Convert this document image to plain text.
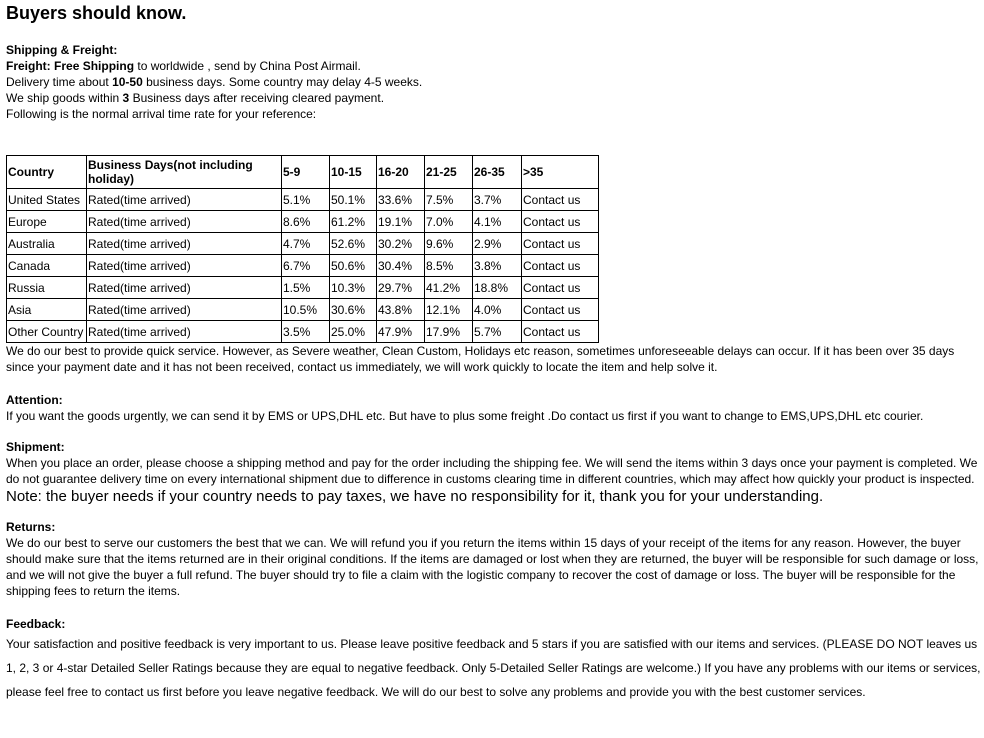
Buyers should know.
Shipping & Freight:
Freight: Free Shipping to worldwide , send by China Post Airmail.
Delivery time about 10-50 business days. Some country may delay 4-5 weeks.
We ship goods within 3 Business days after receiving cleared payment.
Following is the normal arrival time rate for your reference:
Country	Business Days(not including holiday)	5-9	10-15	16-20	21-25	26-35	>35
United States	Rated(time arrived)	5.1%	50.1%	33.6%	7.5%	3.7%	Contact us
Europe	Rated(time arrived)	8.6%	61.2%	19.1%	7.0%	4.1%	Contact us
Australia	Rated(time arrived)	4.7%	52.6%	30.2%	9.6%	2.9%	Contact us
Canada	Rated(time arrived)	6.7%	50.6%	30.4%	8.5%	3.8%	Contact us
Russia	Rated(time arrived)	1.5%	10.3%	29.7%	41.2%	18.8%	Contact us
Asia	Rated(time arrived)	10.5%	30.6%	43.8%	12.1%	4.0%	Contact us
Other Country	Rated(time arrived)	3.5%	25.0%	47.9%	17.9%	5.7%	Contact us
We do our best to provide quick service. However, as Severe weather, Clean Custom, Holidays etc reason, sometimes unforeseeable delays can occur. If it has been over 35 days since your payment date and it has not been received, contact us immediately, we will work quickly to locate the item and help solve it.
Attention:
If you want the goods urgently, we can send it by EMS or UPS,DHL etc. But have to plus some freight .Do contact us first if you want to change to EMS,UPS,DHL etc courier.
Shipment:
When you place an order, please choose a shipping method and pay for the order including the shipping fee. We will send the items within 3 days once your payment is completed. We do not guarantee delivery time on every international shipment due to difference in customs clearing time in different countries, which may affect how quickly your product is inspected.
Note: the buyer needs if your country needs to pay taxes, we have no responsibility for it, thank you for your understanding.
Returns:
We do our best to serve our customers the best that we can. We will refund you if you return the items within 15 days of your receipt of the items for any reason. However, the buyer should make sure that the items returned are in their original conditions. If the items are damaged or lost when they are returned, the buyer will be responsible for such damage or loss, and we will not give the buyer a full refund. The buyer should try to file a claim with the logistic company to recover the cost of damage or loss. The buyer will be responsible for the shipping fees to return the items.
Feedback:
Your satisfaction and positive feedback is very important to us. Please leave positive feedback and 5 stars if you are satisfied with our items and services. (PLEASE DO NOT leaves us 1, 2, 3 or 4-star Detailed Seller Ratings because they are equal to negative feedback. Only 5-Detailed Seller Ratings are welcome.) If you have any problems with our items or services, please feel free to contact us first before you leave negative feedback. We will do our best to solve any problems and provide you with the best customer services.
